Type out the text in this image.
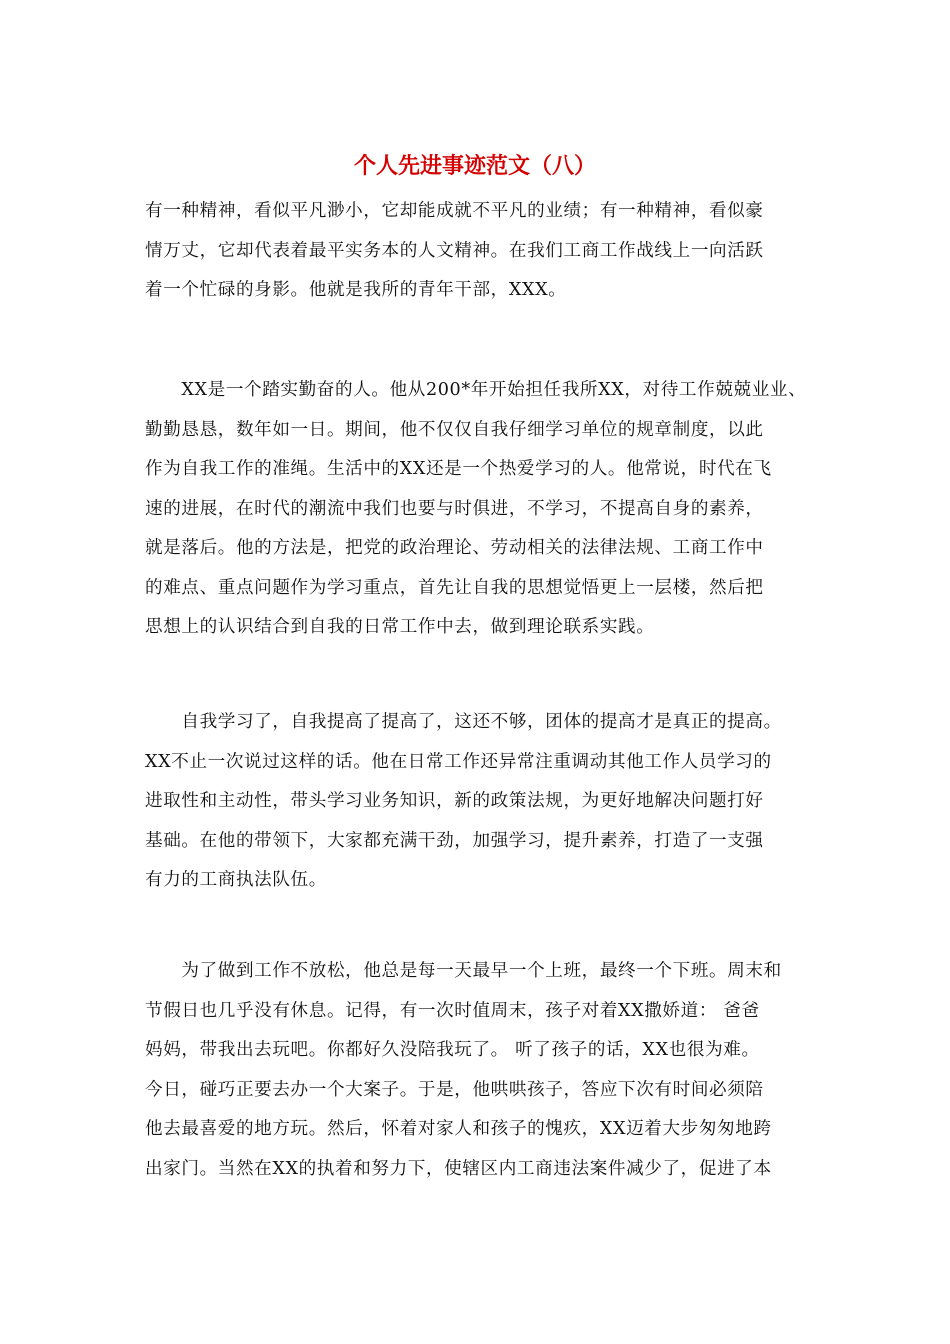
个人先进事迹范文（八）

有一种精神，看似平凡渺小，它却能成就不平凡的业绩；有一种精神，看似豪
情万丈，它却代表着最平实务本的人文精神。在我们工商工作战线上一向活跃
着一个忙碌的身影。他就是我所的青年干部，XXX。

　　XX是一个踏实勤奋的人。他从200*年开始担任我所XX，对待工作兢兢业业、
勤勤恳恳，数年如一日。期间，他不仅仅自我仔细学习单位的规章制度，以此
作为自我工作的准绳。生活中的XX还是一个热爱学习的人。他常说，时代在飞
速的进展，在时代的潮流中我们也要与时俱进，不学习，不提高自身的素养，
就是落后。他的方法是，把党的政治理论、劳动相关的法律法规、工商工作中
的难点、重点问题作为学习重点，首先让自我的思想觉悟更上一层楼，然后把
思想上的认识结合到自我的日常工作中去，做到理论联系实践。

　　自我学习了，自我提高了提高了，这还不够，团体的提高才是真正的提高。
XX不止一次说过这样的话。他在日常工作还异常注重调动其他工作人员学习的
进取性和主动性，带头学习业务知识，新的政策法规，为更好地解决问题打好
基础。在他的带领下，大家都充满干劲，加强学习，提升素养，打造了一支强
有力的工商执法队伍。

　　为了做到工作不放松，他总是每一天最早一个上班，最终一个下班。周末和
节假日也几乎没有休息。记得，有一次时值周末，孩子对着XX撒娇道： 爸爸
妈妈，带我出去玩吧。你都好久没陪我玩了。 听了孩子的话，XX也很为难。
今日，碰巧正要去办一个大案子。于是，他哄哄孩子，答应下次有时间必须陪
他去最喜爱的地方玩。然后，怀着对家人和孩子的愧疚，XX迈着大步匆匆地跨
出家门。当然在XX的执着和努力下，使辖区内工商违法案件减少了，促进了本
